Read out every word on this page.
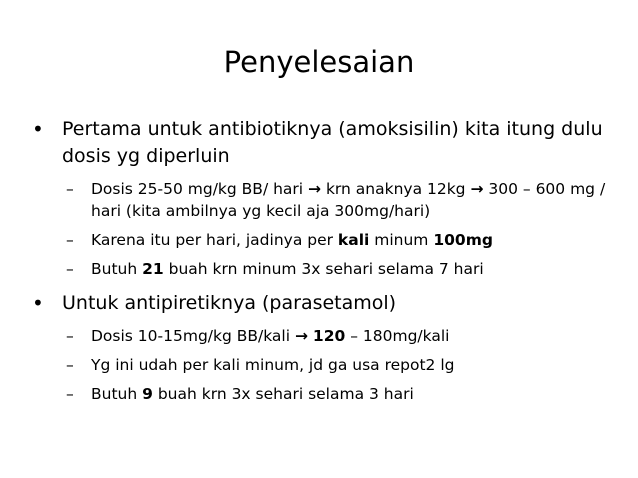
Penyelesaian
• Pertama untuk antibiotiknya (amoksisilin) kita itung dulu dosis yg diperluin
– Dosis 25-50 mg/kg BB/ hari → krn anaknya 12kg → 300 – 600 mg / hari (kita ambilnya yg kecil aja 300mg/hari)
– Karena itu per hari, jadinya per kali minum 100mg
– Butuh 21 buah krn minum 3x sehari selama 7 hari
• Untuk antipiretiknya (parasetamol)
– Dosis 10-15mg/kg BB/kali → 120 – 180mg/kali
– Yg ini udah per kali minum, jd ga usa repot2 lg
– Butuh 9 buah krn 3x sehari selama 3 hari
